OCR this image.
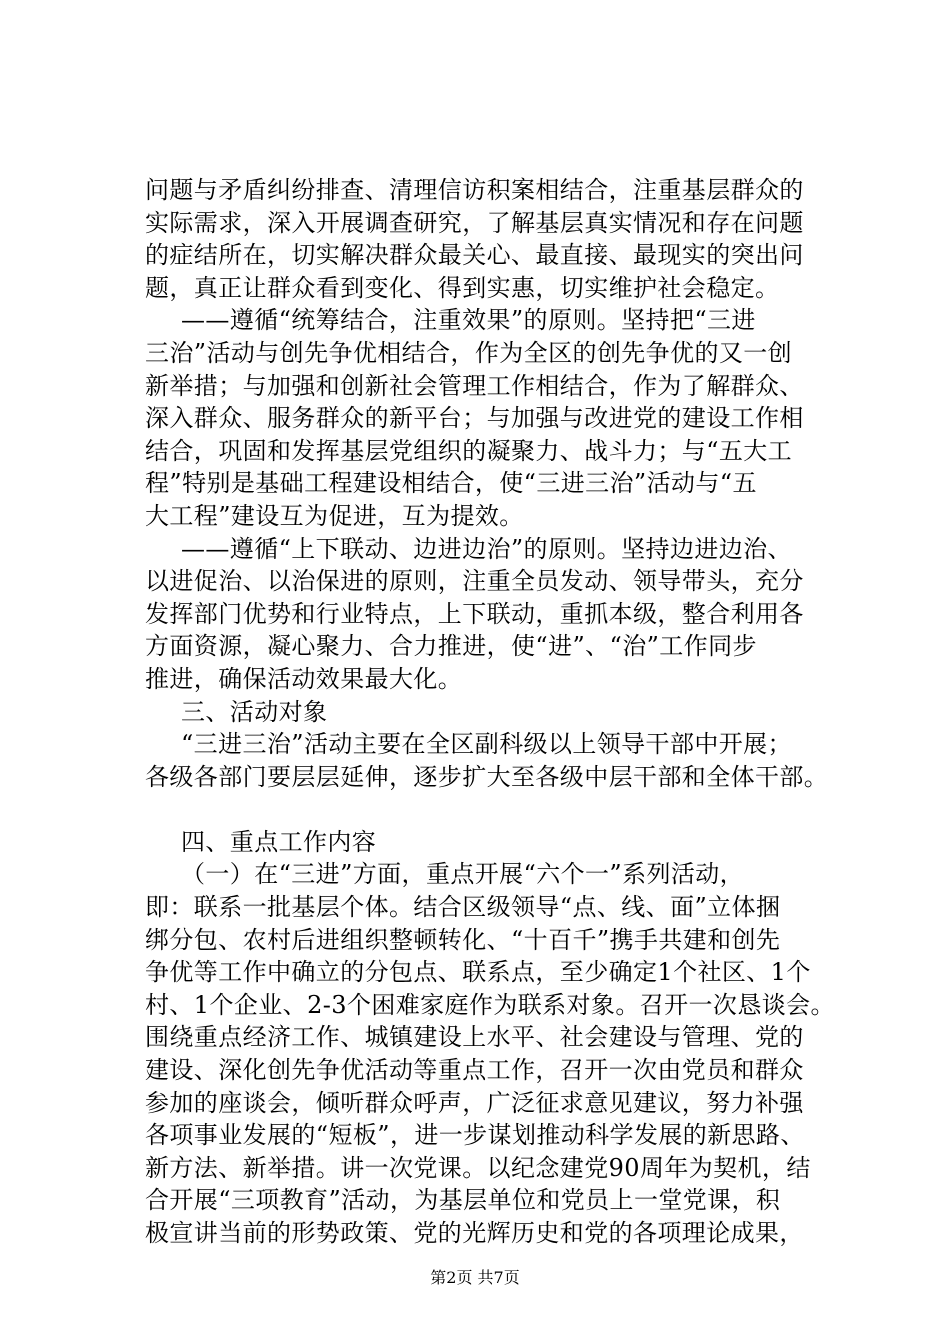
问题与矛盾纠纷排查、清理信访积案相结合，注重基层群众的
实际需求，深入开展调查研究，了解基层真实情况和存在问题
的症结所在，切实解决群众最关心、最直接、最现实的突出问
题，真正让群众看到变化、得到实惠，切实维护社会稳定。
——遵循“统筹结合，注重效果”的原则。坚持把“三进
三治”活动与创先争优相结合，作为全区的创先争优的又一创
新举措；与加强和创新社会管理工作相结合，作为了解群众、
深入群众、服务群众的新平台；与加强与改进党的建设工作相
结合，巩固和发挥基层党组织的凝聚力、战斗力；与“五大工
程”特别是基础工程建设相结合，使“三进三治”活动与“五
大工程”建设互为促进，互为提效。
——遵循“上下联动、边进边治”的原则。坚持边进边治、
以进促治、以治保进的原则，注重全员发动、领导带头，充分
发挥部门优势和行业特点，上下联动，重抓本级，整合利用各
方面资源，凝心聚力、合力推进，使“进”、“治”工作同步
推进，确保活动效果最大化。
三、活动对象
“三进三治”活动主要在全区副科级以上领导干部中开展；
各级各部门要层层延伸，逐步扩大至各级中层干部和全体干部。
四、重点工作内容
（一）在“三进”方面，重点开展“六个一”系列活动，
即：联系一批基层个体。结合区级领导“点、线、面”立体捆
绑分包、农村后进组织整顿转化、“十百千”携手共建和创先
争优等工作中确立的分包点、联系点，至少确定1个社区、1个
村、1个企业、2-3个困难家庭作为联系对象。召开一次恳谈会。
围绕重点经济工作、城镇建设上水平、社会建设与管理、党的
建设、深化创先争优活动等重点工作，召开一次由党员和群众
参加的座谈会，倾听群众呼声，广泛征求意见建议，努力补强
各项事业发展的“短板”，进一步谋划推动科学发展的新思路、
新方法、新举措。讲一次党课。以纪念建党90周年为契机，结
合开展“三项教育”活动，为基层单位和党员上一堂党课，积
极宣讲当前的形势政策、党的光辉历史和党的各项理论成果，
第2页 共7页
